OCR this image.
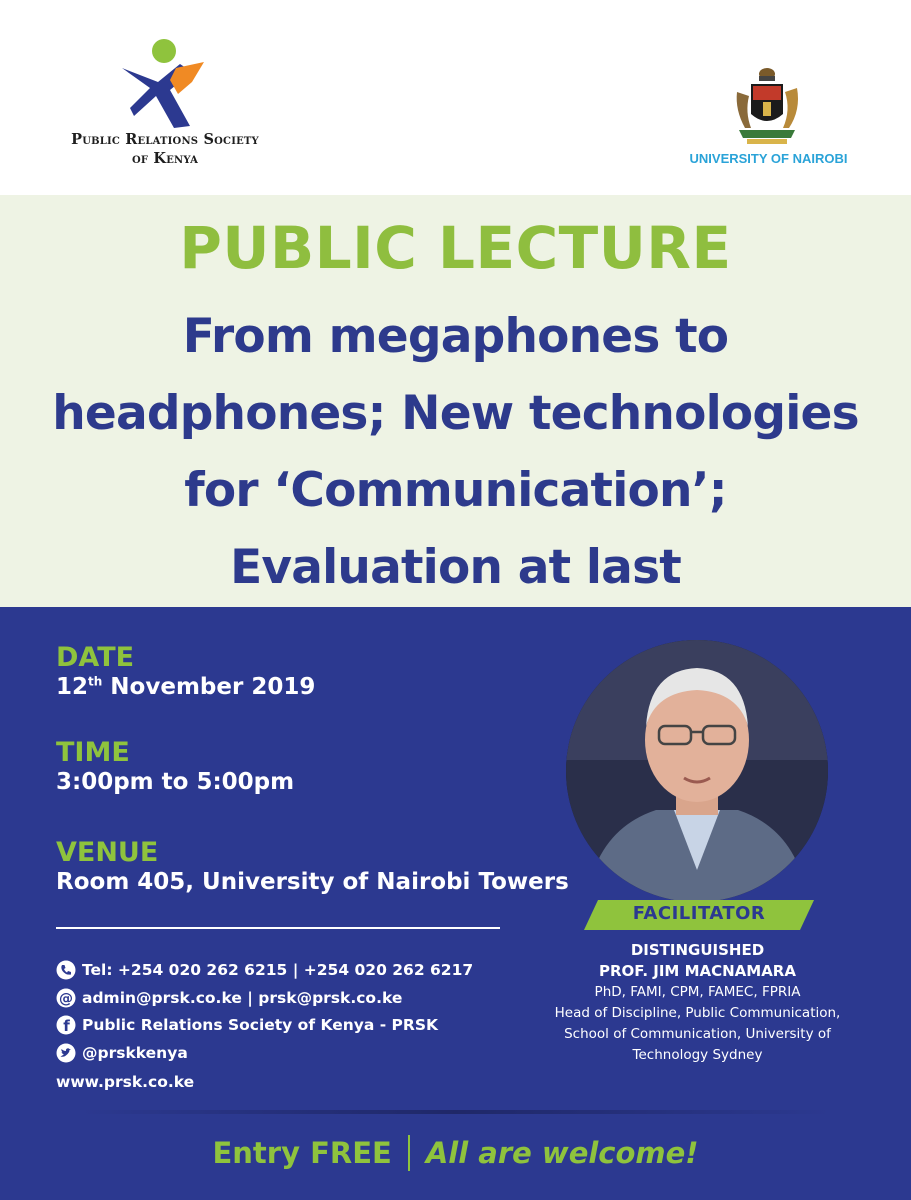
Public Relations Society
of Kenya	UNIVERSITY OF NAIROBI
PUBLIC LECTURE
From megaphones to
headphones; New technologies
for ‘Communication’;
Evaluation at last
DATE
12th November 2019
TIME
3:00pm to 5:00pm
VENUE
Room 405, University of Nairobi Towers
Tel: +254 020 262 6215 | +254 020 262 6217
@ admin@prsk.co.ke | prsk@prsk.co.ke
f Public Relations Society of Kenya - PRSK
@prskkenya
www.prsk.co.ke
FACILITATOR
DISTINGUISHED
PROF. JIM MACNAMARA
PhD, FAMI, CPM, FAMEC, FPRIA
Head of Discipline, Public Communication,
School of Communication, University of
Technology Sydney
Entry FREE All are welcome!
